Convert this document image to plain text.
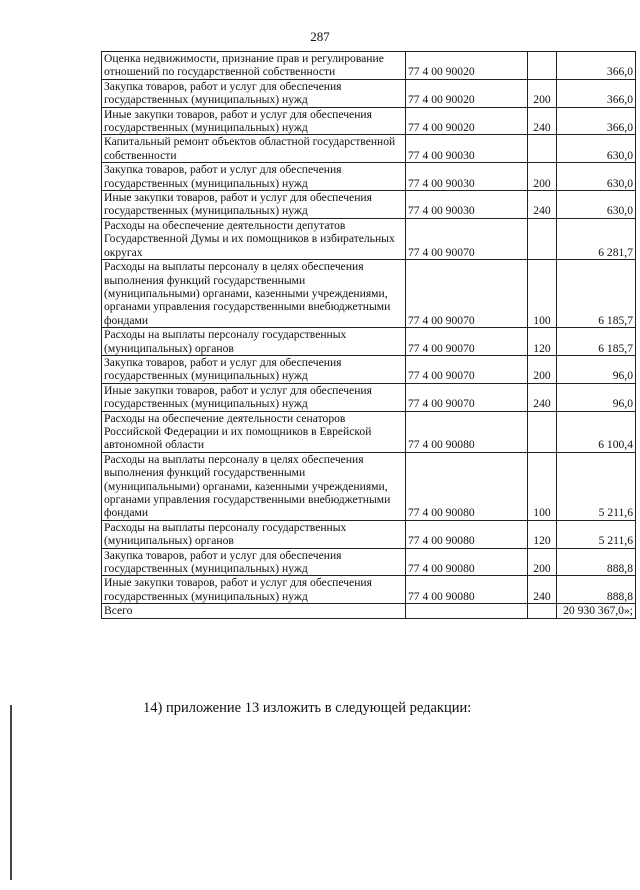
287
Оценка недвижимости, признание прав и регулирование отношений по государственной собственности	77 4 00 90020		366,0
Закупка товаров, работ и услуг для обеспечения государственных (муниципальных) нужд	77 4 00 90020	200	366,0
Иные закупки товаров, работ и услуг для обеспечения государственных (муниципальных) нужд	77 4 00 90020	240	366,0
Капитальный ремонт объектов областной государственной собственности	77 4 00 90030		630,0
Закупка товаров, работ и услуг для обеспечения государственных (муниципальных) нужд	77 4 00 90030	200	630,0
Иные закупки товаров, работ и услуг для обеспечения государственных (муниципальных) нужд	77 4 00 90030	240	630,0
Расходы на обеспечение деятельности депутатов Государственной Думы и их помощников в избирательных округах	77 4 00 90070		6 281,7
Расходы на выплаты персоналу в целях обеспечения выполнения функций государственными (муниципальными) органами, казенными учреждениями, органами управления государственными внебюджетными фондами	77 4 00 90070	100	6 185,7
Расходы на выплаты персоналу государственных (муниципальных) органов	77 4 00 90070	120	6 185,7
Закупка товаров, работ и услуг для обеспечения государственных (муниципальных) нужд	77 4 00 90070	200	96,0
Иные закупки товаров, работ и услуг для обеспечения государственных (муниципальных) нужд	77 4 00 90070	240	96,0
Расходы на обеспечение деятельности сенаторов Российской Федерации и их помощников в Еврейской автономной области	77 4 00 90080		6 100,4
Расходы на выплаты персоналу в целях обеспечения выполнения функций государственными (муниципальными) органами, казенными учреждениями, органами управления государственными внебюджетными фондами	77 4 00 90080	100	5 211,6
Расходы на выплаты персоналу государственных (муниципальных) органов	77 4 00 90080	120	5 211,6
Закупка товаров, работ и услуг для обеспечения государственных (муниципальных) нужд	77 4 00 90080	200	888,8
Иные закупки товаров, работ и услуг для обеспечения государственных (муниципальных) нужд	77 4 00 90080	240	888,8
Всего			20 930 367,0»;
14) приложение 13 изложить в следующей редакции:
